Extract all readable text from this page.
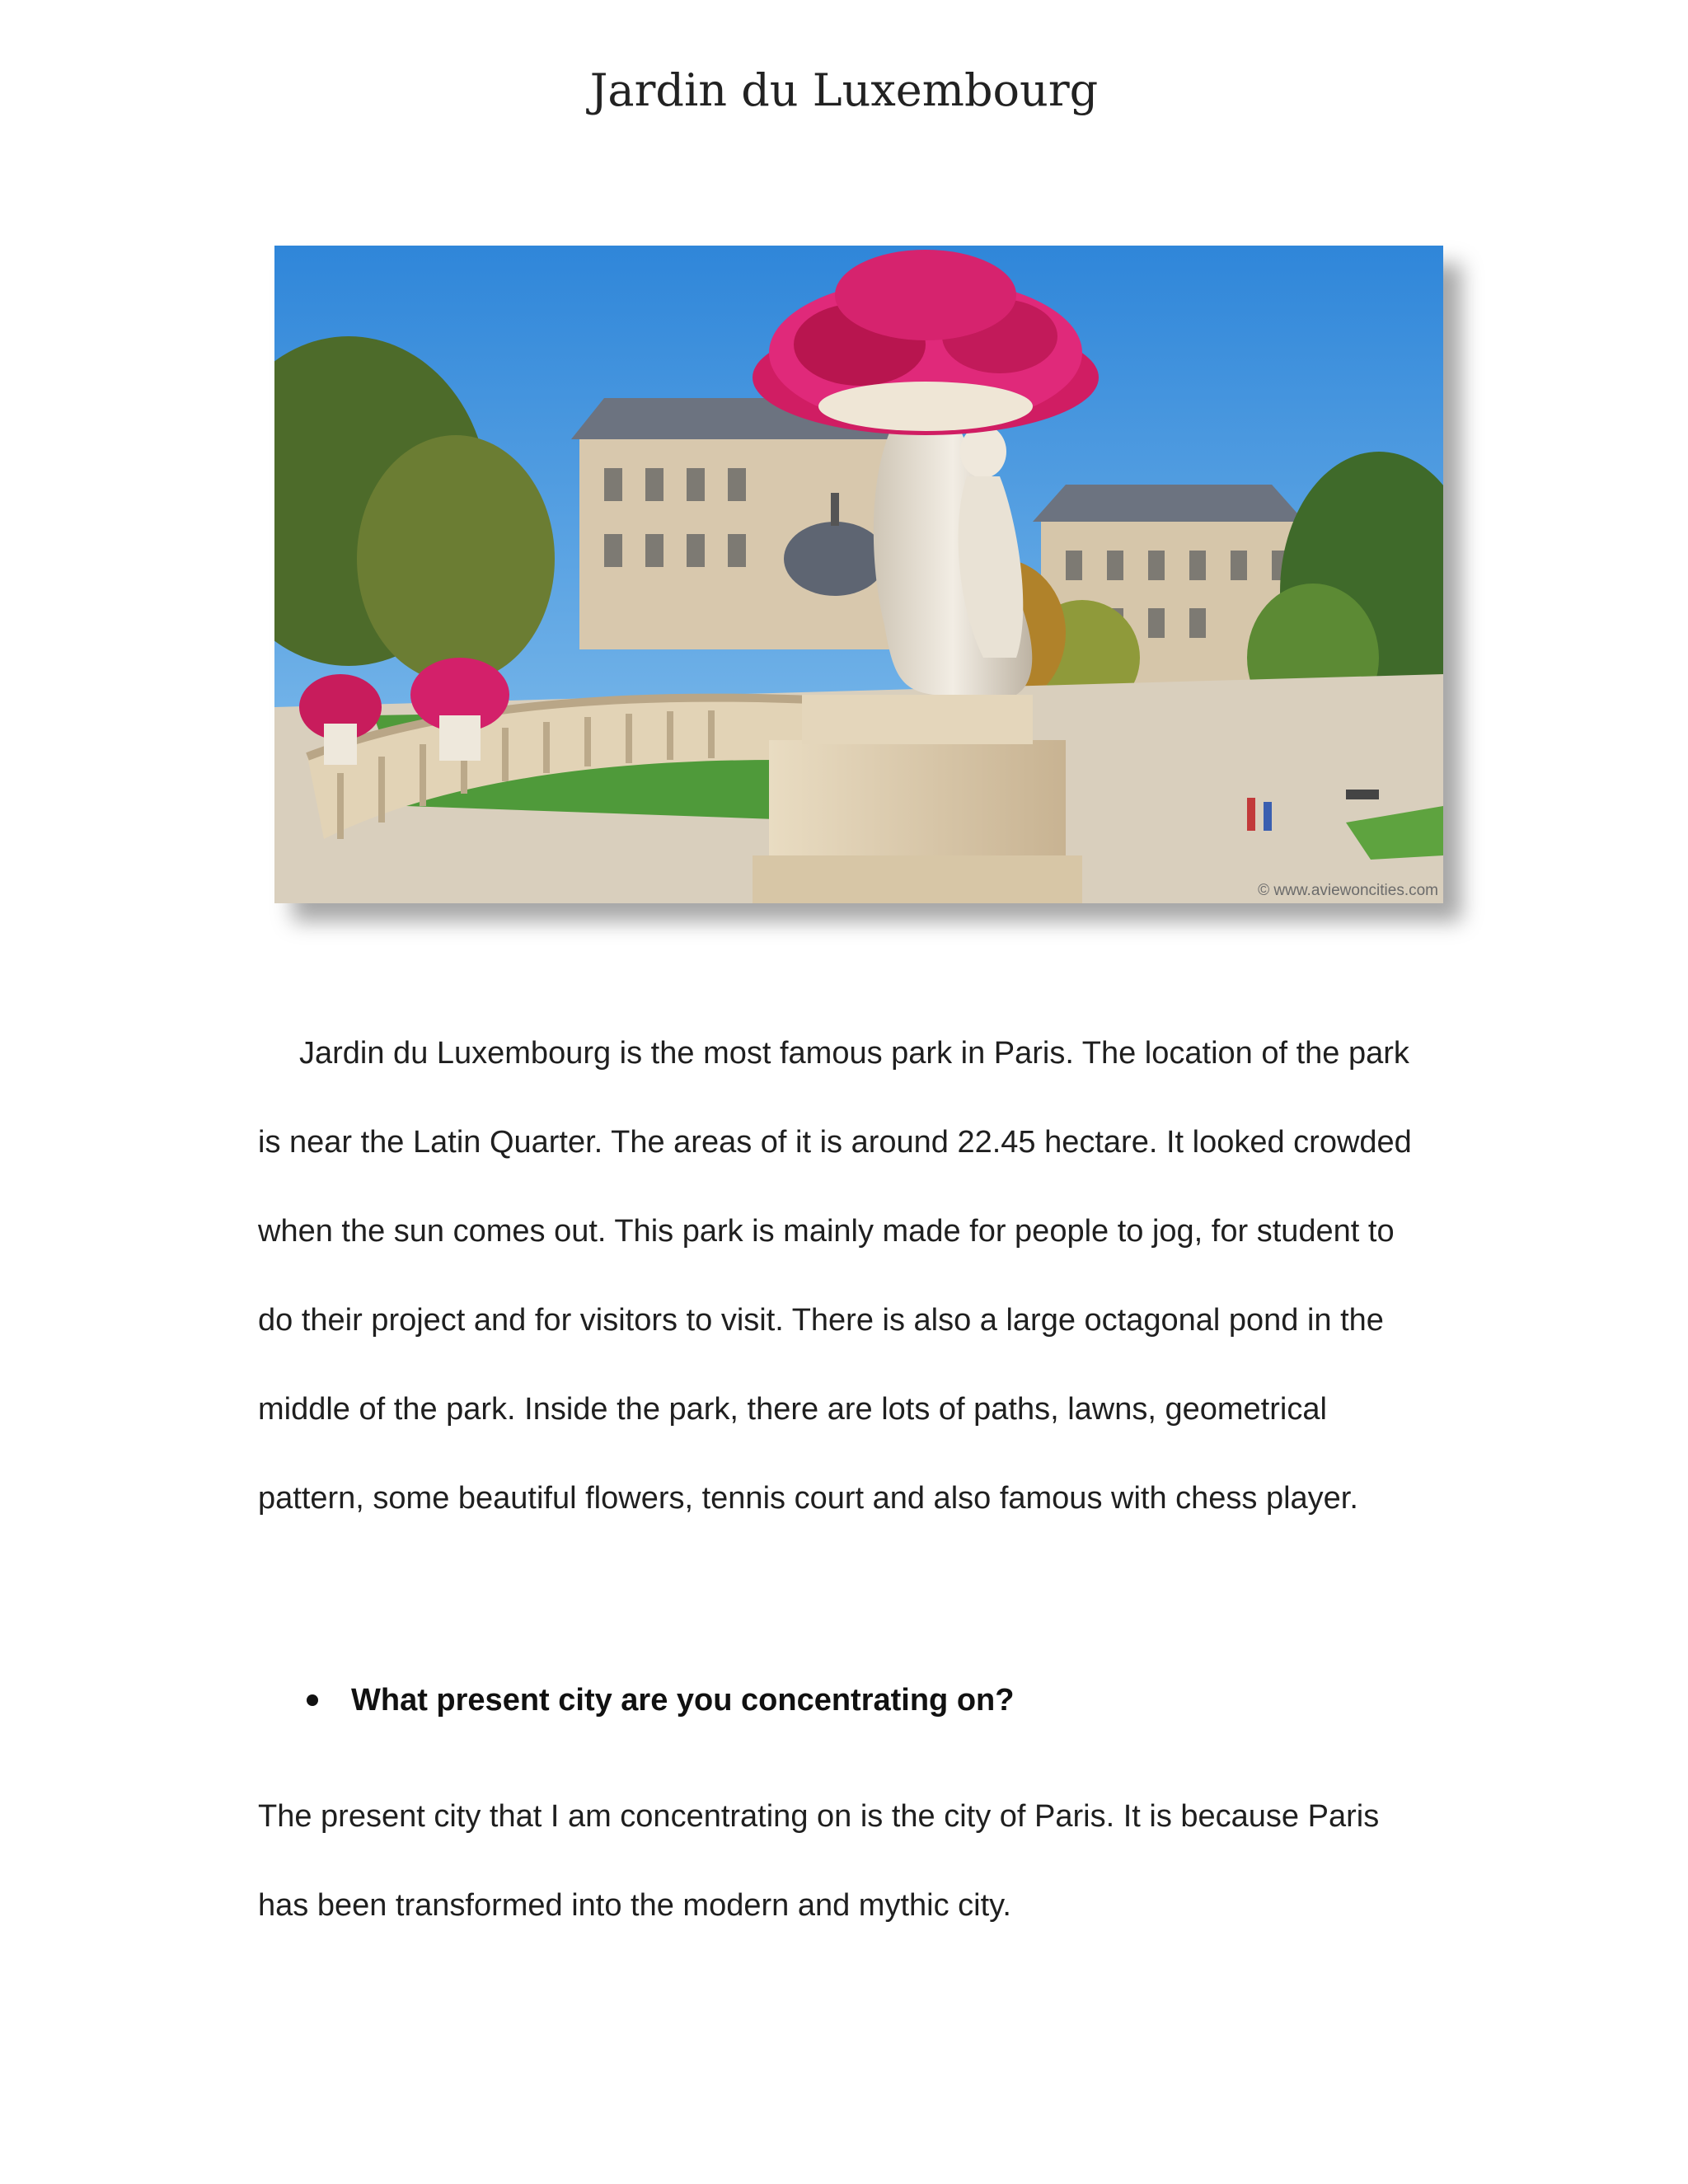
Jardin du Luxembourg
© www.aviewoncities.com

Jardin du Luxembourg is the most famous park in Paris. The location of the park is near the Latin Quarter. The areas of it is around 22.45 hectare. It looked crowded when the sun comes out. This park is mainly made for people to jog, for student to do their project and for visitors to visit. There is also a large octagonal pond in the middle of the park. Inside the park, there are lots of paths, lawns, geometrical pattern, some beautiful flowers, tennis court and also famous with chess player.

What present city are you concentrating on?

The present city that I am concentrating on is the city of Paris. It is because Paris has been transformed into the modern and mythic city.
